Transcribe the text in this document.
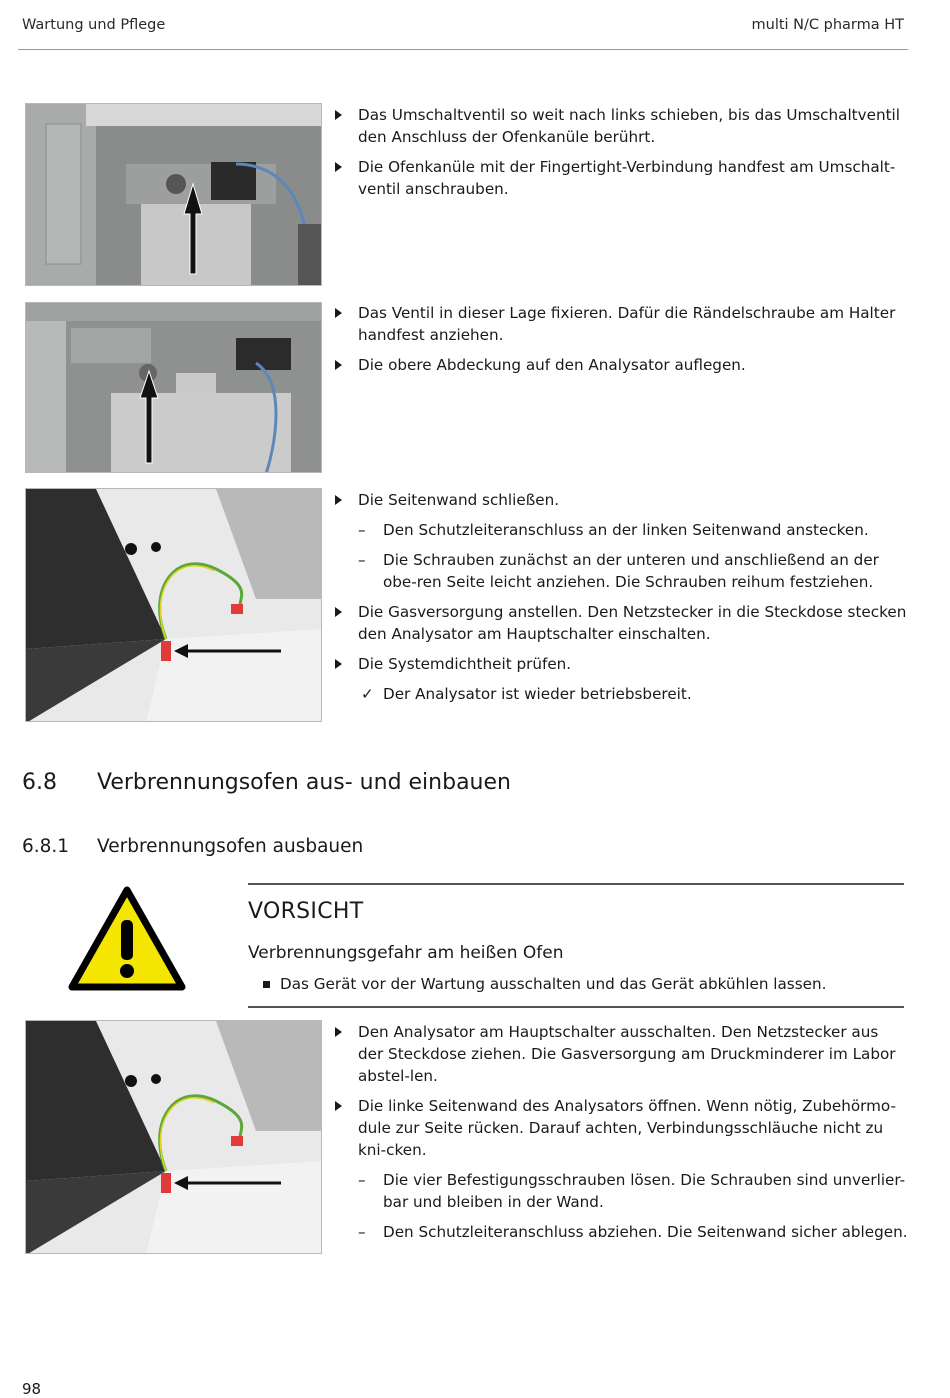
Wartung und Pflege	multi N/C pharma HT
Das Umschaltventil so weit nach links schieben, bis das Umschaltventil den Anschluss der Ofenkanüle berührt.
Die Ofenkanüle mit der Fingertight-Verbindung handfest am Umschalt-ventil anschrauben.
Das Ventil in dieser Lage fixieren. Dafür die Rändelschraube am Halter handfest anziehen.
Die obere Abdeckung auf den Analysator auflegen.
Die Seitenwand schließen.
– Den Schutzleiteranschluss an der linken Seitenwand anstecken.
– Die Schrauben zunächst an der unteren und anschließend an der obe-ren Seite leicht anziehen. Die Schrauben reihum festziehen.
Die Gasversorgung anstellen. Den Netzstecker in die Steckdose stecken den Analysator am Hauptschalter einschalten.
Die Systemdichtheit prüfen.
✓ Der Analysator ist wieder betriebsbereit.
6.8 Verbrennungsofen aus- und einbauen
6.8.1 Verbrennungsofen ausbauen
VORSICHT
Verbrennungsgefahr am heißen Ofen
Das Gerät vor der Wartung ausschalten und das Gerät abkühlen lassen.
Den Analysator am Hauptschalter ausschalten. Den Netzstecker aus der Steckdose ziehen. Die Gasversorgung am Druckminderer im Labor abstel-len.
Die linke Seitenwand des Analysators öffnen. Wenn nötig, Zubehörmo-dule zur Seite rücken. Darauf achten, Verbindungsschläuche nicht zu kni-cken.
– Die vier Befestigungsschrauben lösen. Die Schrauben sind unverlier-bar und bleiben in der Wand.
– Den Schutzleiteranschluss abziehen. Die Seitenwand sicher ablegen.
98
